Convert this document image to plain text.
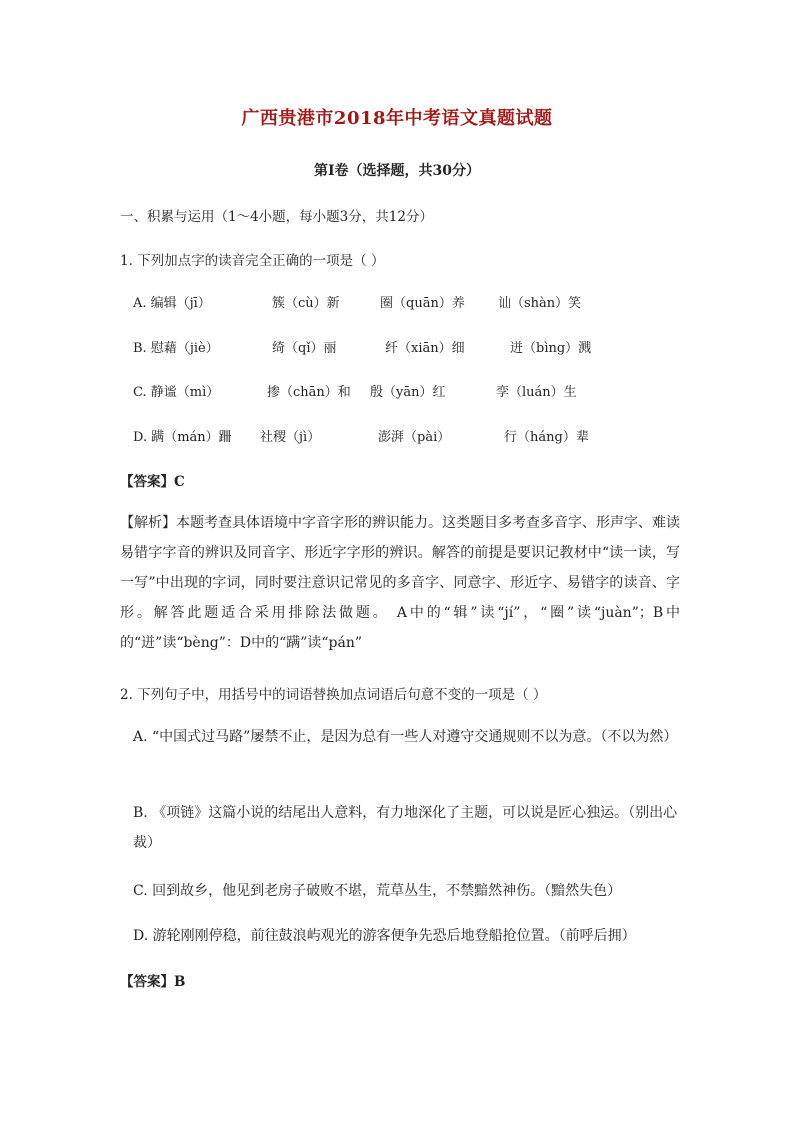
广西贵港市2018年中考语文真题试题
第Ⅰ卷（选择题，共30分）
一、积累与运用（1～4小题，每小题3分，共12分）
1. 下列加点字的读音完全正确的一项是（ ）
A. 编辑（jī）	簇（cù）新	圈（quān）养	讪（shàn）笑
B. 慰藉（jiè）	绮（qǐ）丽	纤（xiān）细	迸（bìng）溅
C. 静谧（mì）	掺（chān）和 殷（yān）红	孪（luán）生
D. 蹒（mán）跚 社稷（jì）	澎湃（pài）	行（háng）辈
【答案】C
【解析】本题考查具体语境中字音字形的辨识能力。这类题目多考查多音字、形声字、难读易错字字音的辨识及同音字、形近字字形的辨识。解答的前提是要识记教材中“读一读，写一写”中出现的字词，同时要注意识记常见的多音字、同意字、形近字、易错字的读音、字形。解答此题适合采用排除法做题。 A中的“辑”读“jí”，“圈”读“juàn”；B中的“迸”读“bèng”：D中的“蹒”读“pán”
2. 下列句子中，用括号中的词语替换加点词语后句意不变的一项是（ ）
A. “中国式过马路”屡禁不止，是因为总有一些人对遵守交通规则不以为意。（不以为然）
B. 《项链》这篇小说的结尾出人意料，有力地深化了主题，可以说是匠心独运。（别出心裁）
C. 回到故乡，他见到老房子破败不堪，荒草丛生，不禁黯然神伤。（黯然失色）
D. 游轮刚刚停稳，前往鼓浪屿观光的游客便争先恐后地登船抢位置。（前呼后拥）
【答案】B
